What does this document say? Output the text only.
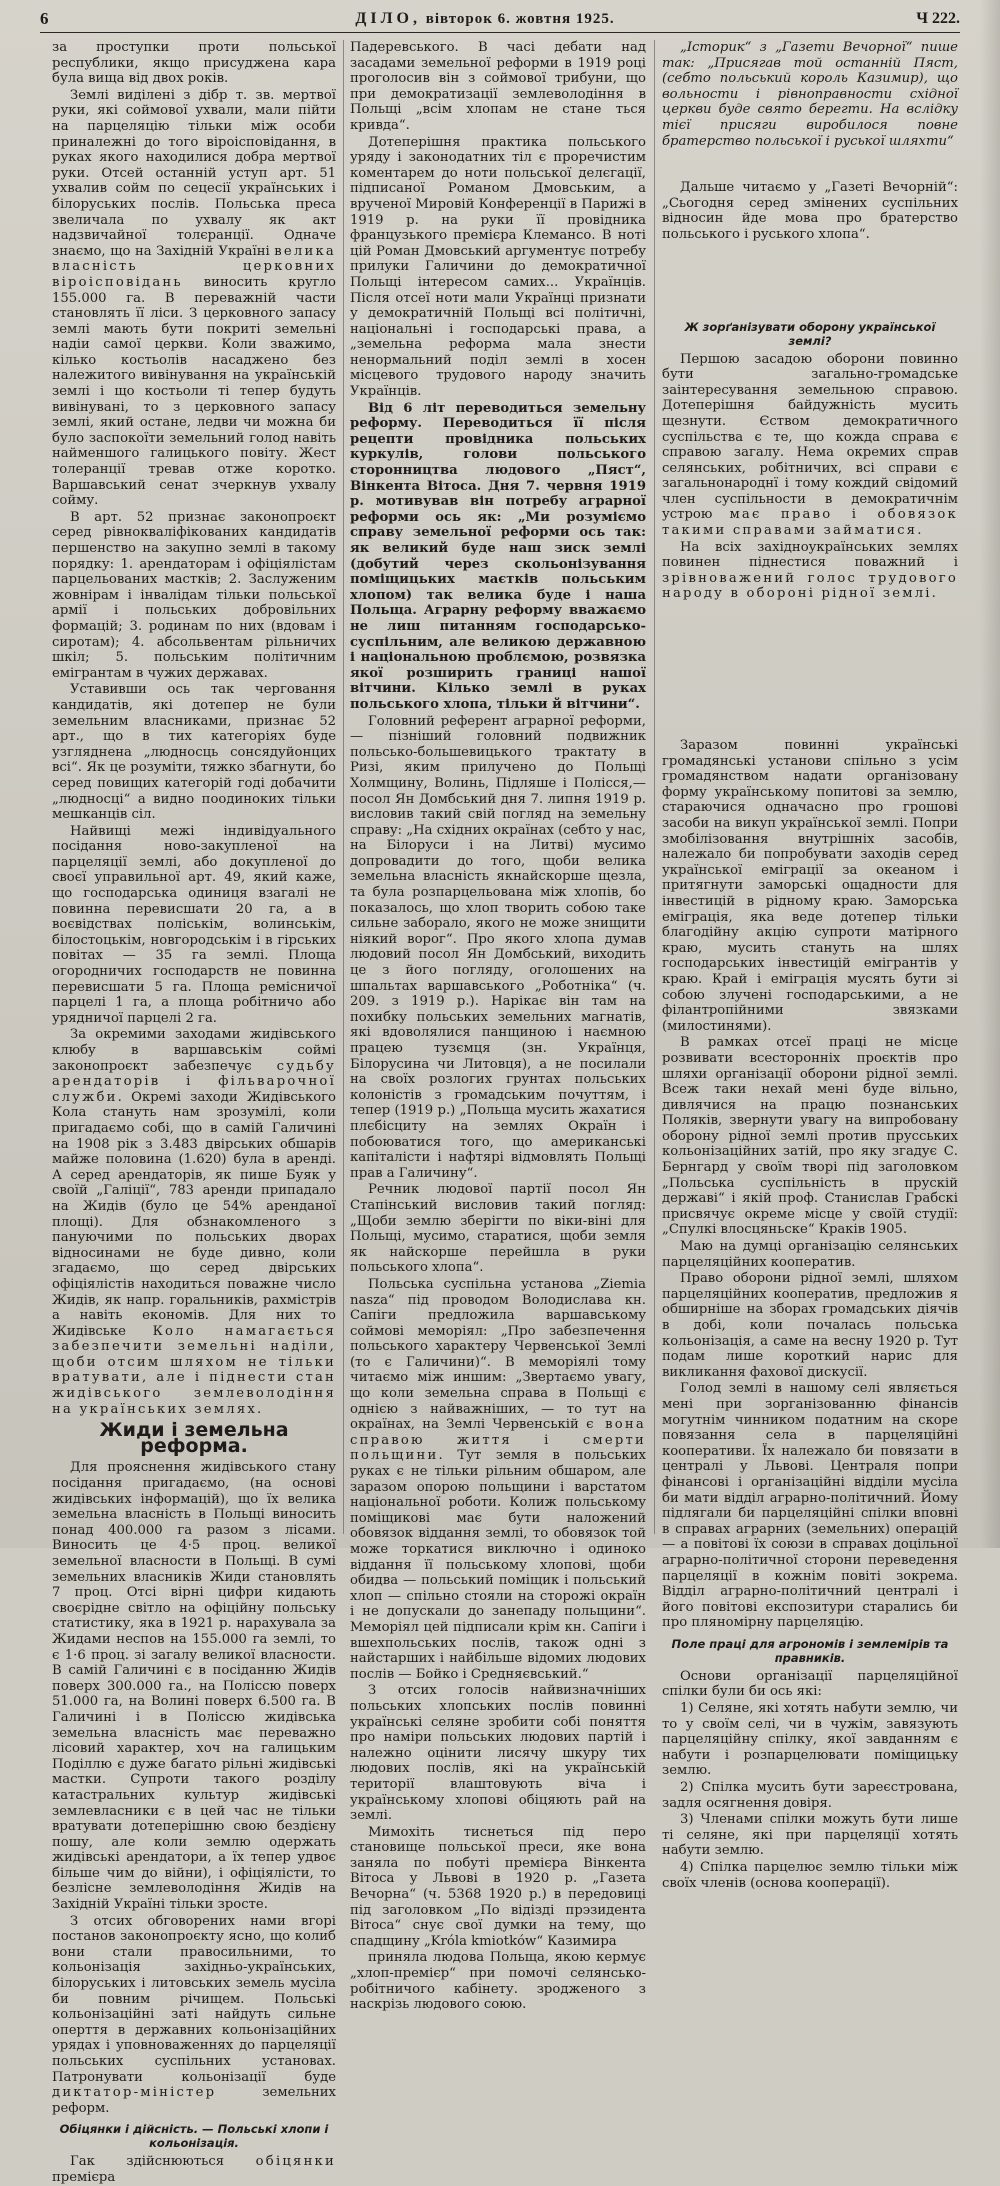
6	ДІЛО, вівторок 6. жовтня 1925.	Ч 222.

за простyпки проти польської республики, якщо присуджена кара була вища від двох років.

Землі виділені з дібр т. зв. мертвої руки, які соймової ухвали, мали пійти на парцеляцію тільки між особи приналежні до того віроісповідання, в руках якого находилися добра мертвої руки. Отсей останній уступ арт. 51 ухвалив сойм по сецесії українських і білоруських послів. Польська преса звеличала по ухвалу як акт надзвичайної толєранції. Одначе знаємо, що на Західній Україні велика власність церковних віроісповідань виносить круглo 155.000 га. В переважній части становлять її ліси. З церковного запасу землі мають бути покриті земельні надіи самої церкви. Коли зважимо, кілько костьолів насаджено без належитого вивінування на українській землі і що костьоли ті тепер будуть вивінувані, то з церковного запасу землі, який остане, ледви чи можна би було заспокоїти земельний голод навіть найменшого галицького повіту. Жест толеранції тревав отже коротко. Варшавський сенат зчеркнув ухвалу сойму.

В арт. 52 признає законопроєкт серед рівнокваліфікованих кандидатів першенство на закупно землі в такому порядку: 1. арендаторам і офіціялістам парцельованих мастків; 2. Заслуженим жовнірам і інвалідам тільки польської армії і польських добровільних формацій; 3. родинам по них (вдовам і сиротам); 4. абсольвентам рільничих шкіл; 5. польським політичним емігрантам в чужих державах.

Уставивши ось так черговання кандидатів, які дотепер не були земельним власниками, признає 52 арт., що в тих категоріях буде узгляднена „людносць сонсядуйонцих всі“. Як це розуміти, тяжко збагнути, бо серед повищих категорій годі добачити „людносці“ а видно поодиноких тільки мешканців сіл.

Найвищі межі індивідуального посідання ново-закупленої на парцеляції землі, або докупленої до своєї управильнoї арт. 49, який каже, що господарська одиниця взагалі не повинна перевисшати 20 га, а в воєвідствах поліськім, волинськім, білостоцькім, новгородськім і в гірських повітах — 35 га землі. Площа огородничих господарств не повинна перевисшати 5 га. Площа ремісничої парцелі 1 га, а площа робітничо або урядничої парцелі 2 га.

За окремими заходами жидівського клюбу в варшавськім соймі законопроєкт забезпечує судьбу арендаторів і фільварочної служби. Окремі заходи Жидівського Кола стануть нам зрозумілі, коли пригадаємо собі, що в самій Галичині на 1908 рік з 3.483 двірських обшарів майже половина (1.620) була в аренді. А серед арендаторів, як пише Буяк у своїй „Галіції“, 783 аренди припадало на Жидів (було це 54% аренданої площі). Для обзнакомленого з пануючими по польських дворах відносинами не буде дивно, коли згадаємо, що серед двірських офіціялістів находиться поважне число Жидів, як напр. горальників, рахмістрів а навіть економів. Для них то Жидівське Коло намагається забезпечити земельні надiли, щоби отсим шляхом не тільки вратувати, але і піднести стан жидівського землеволодіння на українських землях.

Жиди і земельна реформа.

Для прояснення жидівського стану посідання пригадаємо, (на основі жидівських інформацій), що їх велика земельна власність в Польщі виносить понад 400.000 га разом з лісами. Виносить це 4·5 проц. великої земельної власности в Польщі. В сумі земельних власників Жиди становлять 7 проц. Отсі вірні цифри кидають своєрідне світло на офіційну польську статистику, яка в 1921 р. нарахувала за Жидами неспов на 155.000 га землі, то є 1·6 проц. зі загалу великої власности. В самій Галичині є в посіданню Жидів поверх 300.000 га., на Поліссю поверх 51.000 га, на Волині поверх 6.500 га. В Галичині і в Поліссю жидівська земельна власність має переважно лісовий характер, хоч на галицьким Поділлю є дуже багато рільні жидівські мастки. Супроти такого розділу катастральних культур жидівські землевласники є в цей час не тільки вратувати дотеперішню свою бездiєну пошу, але коли землю одержать жидівські арендатори, а їх тепер удвоє більше чим до війни), і офіціялісти, то безлісне землеволодіння Жидів на Західній Україні тільки зросте.

З отсих обговорених нами вгорі постанов законопроєкту ясно, що колиб вони стали правосильними, то кольонізація західньо-українських, білоруських і литовських земель мусіла би повним річищем. Польські кольонізаційні заті найдуть сильне оперття в державних кольонізаційних урядах і уповноваженнях до парцеляції польських суспільних установах. Патронувати кольонізації буде диктатор-міністер земельних реформ.

Обіцянки і дійсність. — Польські хлопи і кольонізація.

Гак здійснюються обіцянки премієра

Падеревського. В часі дебати над засадами земельної реформи в 1919 році проголосив він з соймової трибуни, що при демократизації землеволодіння в Польщі „всім хлопам не стане ться кривда“.

Дотеперішня практика польського уряду і законодатних тіл є прoречистим коментарем до ноти польської делєгації, підписаної Романом Дмовським, а врученої Мировій Конференції в Парижі в 1919 р. на руки її провідника французького премієра Клемансо. В ноті цій Роман Дмовський аргументує потребу прилуки Галичини до демократичної Польщі інтересом самих... Українців. Після отсеї ноти мали Українці признати у демократичній Польщі всі політичні, національні і господарські права, а „земельна реформа мала знести ненормальний поділ землі в хосен місцевого трудового народу значить Українців.

Від 6 літ переводиться земельну реформу. Переводиться її після рецепти провідника польських куркулів, голови польського сторонництва людового „Пяст“, Вінкента Вітоса. Дня 7. червня 1919 р. мотивував він потребу аграрної реформи ось як: „Ми розуміємо справу земельної реформи ось так: як великий буде наш зиск землі (добутий через скольонізування поміщицьких маєтків польським хлопом) так велика буде і наша Польща. Аграрну реформу вважаємо не лиш питанням господарсько-суспільним, але великою державною і національною проблємою, розвязка якої розширить границі нашої вітчини. Кілько землі в руках польського хлопа, тільки й вітчини“.

Головний референт аграрної реформи, — пізніший головний подвижник польсько-большевицького трактату в Ризі, яким прилучено до Польщі Холмщину, Волинь, Підляше і Полісся,—посол Ян Домбський дня 7. липня 1919 р. висловив такий свій погляд на земельну справу: „На східних окраїнах (себто у нас, на Білоруси і на Литві) мусимо допровадити до того, щоби велика земельна власність якнайскорше щезла, та була розпарцельована між хлопів, бо показалось, що хлоп творить собою таке сильне заборало, якого не може знищити ніякий ворог“. Про якого хлопа думав людовий посол Ян Домбський, виходить це з його погляду, оголошених на шпальтах варшавського „Роботніка“ (ч. 209. з 1919 р.). Нарікає він там на похибку польських земельних магнатів, які вдоволялися панщиною і наємною працею тузємця (зн. Українця, Білорусина чи Литовця), а не посилали на своїх розлогих грунтах польських колоністів з громадським почуттям, і тепер (1919 р.) „Польща мусить жахатися плєбісциту на землях Окраїн і побоюватися того, що американські капіталісти і нафтярі відмовлять Польщі прав а Галичину“.

Речник людової партії посол Ян Стапінський висловив такий погляд: „Щоби землю зберігти по віки-віні для Польщі, мусимо, старатися, щоби земля як найскорше перейшла в руки польського хлопа“.

Польська суспільна установа „Ziemia nasza“ під проводом Володислава кн. Сапіги предложила варшавському соймові меморіял: „Про забезпечення польського характеру Червенської Землі (то є Галичини)“. В меморіялі тому читаємо між иншим: „Звертаємо увагу, що коли земельна справа в Польщі є однією з найважніших, — то тут на окраїнах, на Землі Червенській є вона справою життя і смерти польщини. Тут земля в польських руках є не тільки рільним обшаром, але заразом опорою польщини і варстатом національної роботи. Колиж польському поміщикові має бути наложений обовязок віддання землі, то обовязок той може торкатися виключно і одиноко віддання її польському хлопові, щоби обидва — польський поміщик і польський хлоп — спільно стояли на сторожі окраїн і не допускали до занепаду польщини“. Меморіял цей підписали крім кн. Сапіги і вшехпольських послів, також одні з найстарших і найбільше відомих людових послів — Бойко і Средняєвський.“

З отсих голосів найвизначніших польських хлопських послів повинні українські селяне зробити собі поняття про наміри польських людових партій і належно оцінити лисячу шкуру тих людових послів, які на українській території влаштовують віча і українському хлопові обіцяють рай на землі.

Мимохіть тиснеться під перо становище польської преси, яке вона заняла по побуті премієра Вінкента Вітоса у Львові в 1920 р. „Газета Вечорна“ (ч. 5368 1920 р.) в передовиці під заголовком „По відізді прэзидента Вітоса“ снує свої думки на тему, що спадщину „Króla kmiotków“ Казимира

приняла людова Польща, якою кермує „хлоп-премієр“ при помочі селянсько-робітничого кабінету. зродженого з наскрізь людового союю.

„Історик“ з „Газети Вечорної“ пише так: „Присягав той останній Пяст, (себто польський король Казимир), що вольности і рівноправности східної церкви буде свято берегти. На вслідку тієї присяги виробилося повне братерство польської і руської шляхти“

Дальше читаємо у „Газеті Вечорній“: „Сьогодня серед змінених суспільних відносин йде мова про братерство польського і руського хлопа“.

Ж зорґанізувати оборону української землі?

Першою засадою оборони повинно бути загально-громадське заінтересування земельною справою. Дотеперішня байдужність мусить щезнути. Єством демократичного суспільства є те, що кожда справа є справою загалу. Нема окремих справ селянських, робітничих, всі справи є загальнонароднї і тому кождий свідомий член суспільности в демократичнім устрою має право і обовязок такими справами займатися.

На всіх західноукраїнських землях повинен піднестися поважний і зрівноважений голос трудового народу в обороні рідної землі.

Заразом повинні українські громадянські установи спільно з усім громадянством надати організовану форму українському попитові за землю, старaючися одначасно про грошові засоби на викуп української землі. Попри змобілізовання внутрішніх засобів, належало би попробувати заходів серед української еміграції за океаном і притягнути заморські ощадности для інвестицій в рідному краю. Заморська еміграція, яка веде дотепер тільки благодійну акцію супроти матірного краю, мусить стануть на шлях господарських інвестицій емігрантів у краю. Край і еміграція мусять бути зі собою злучені господарськими, а не філантропійними звязками (милостинями).

В рамках отсеї праці не місце розвивати всесторонніх проєктів про шляхи організації оборони рідної землі. Всеж таки нехай мені буде вільно, дивлячися на працю познанських Поляків, звернути увагу на випробовану оборону рідної землі против прусських кольонізаційних затій, про яку згадує С. Бернгард у своїм творі під заголовком „Польська суспільність в прускій державі“ і якій проф. Станислав Грабскі присвячує окреме місце у своїй студії: „Спулкі влосцяньске“ Кракiв 1905.

Маю на думці організацію селянських парцеляційних кооператив.

Право оборони рідної землі, шляхом парцеляційних кооператив, предложив я обширніше на зборах громадських діячів в добі, коли почалась польська кольонізація, а саме на весну 1920 р. Тут подам лише короткий нарис для викликання фахової дискусії.

Голод землі в нашому селі являється мені при зорганізованню фінансів могутнім чинником податним на скоре повязання села в парцеляційні кооперативи. Їх належало би повязати в централі у Львові. Централя попри фінансові і організаційні відділи мусіла би мати відділ аграрно-політичний. Йому підлягали би парцеляційні спілки вповні в справах аграрних (земельних) операцій — а повітові їх союзи в справах доцільної аграрно-політичної сторони переведення парцеляції в кожнім повіті зокрема. Відділ аграрно-політичний централі і його повітові експозитури старались би про пляномірну парцеляцію.

Поле праці для агрономів і землемірів та правників.

Основи організації парцеляційної спілки були би ось які:

1) Селяне, які хотять набути землю, чи то у своїм селі, чи в чужім, завязують парцеляційну спілку, якої завданням є набути і розпарцелювати поміщицьку землю.

2) Спілка мусить бути зареєстрована, задля осягнення довіря.

3) Членами спілки можуть бути лише ті селяне, які при парцеляції хотять набути землю.

4) Спілка парцелює землю тільки між своїх членів (основа кооперації).
